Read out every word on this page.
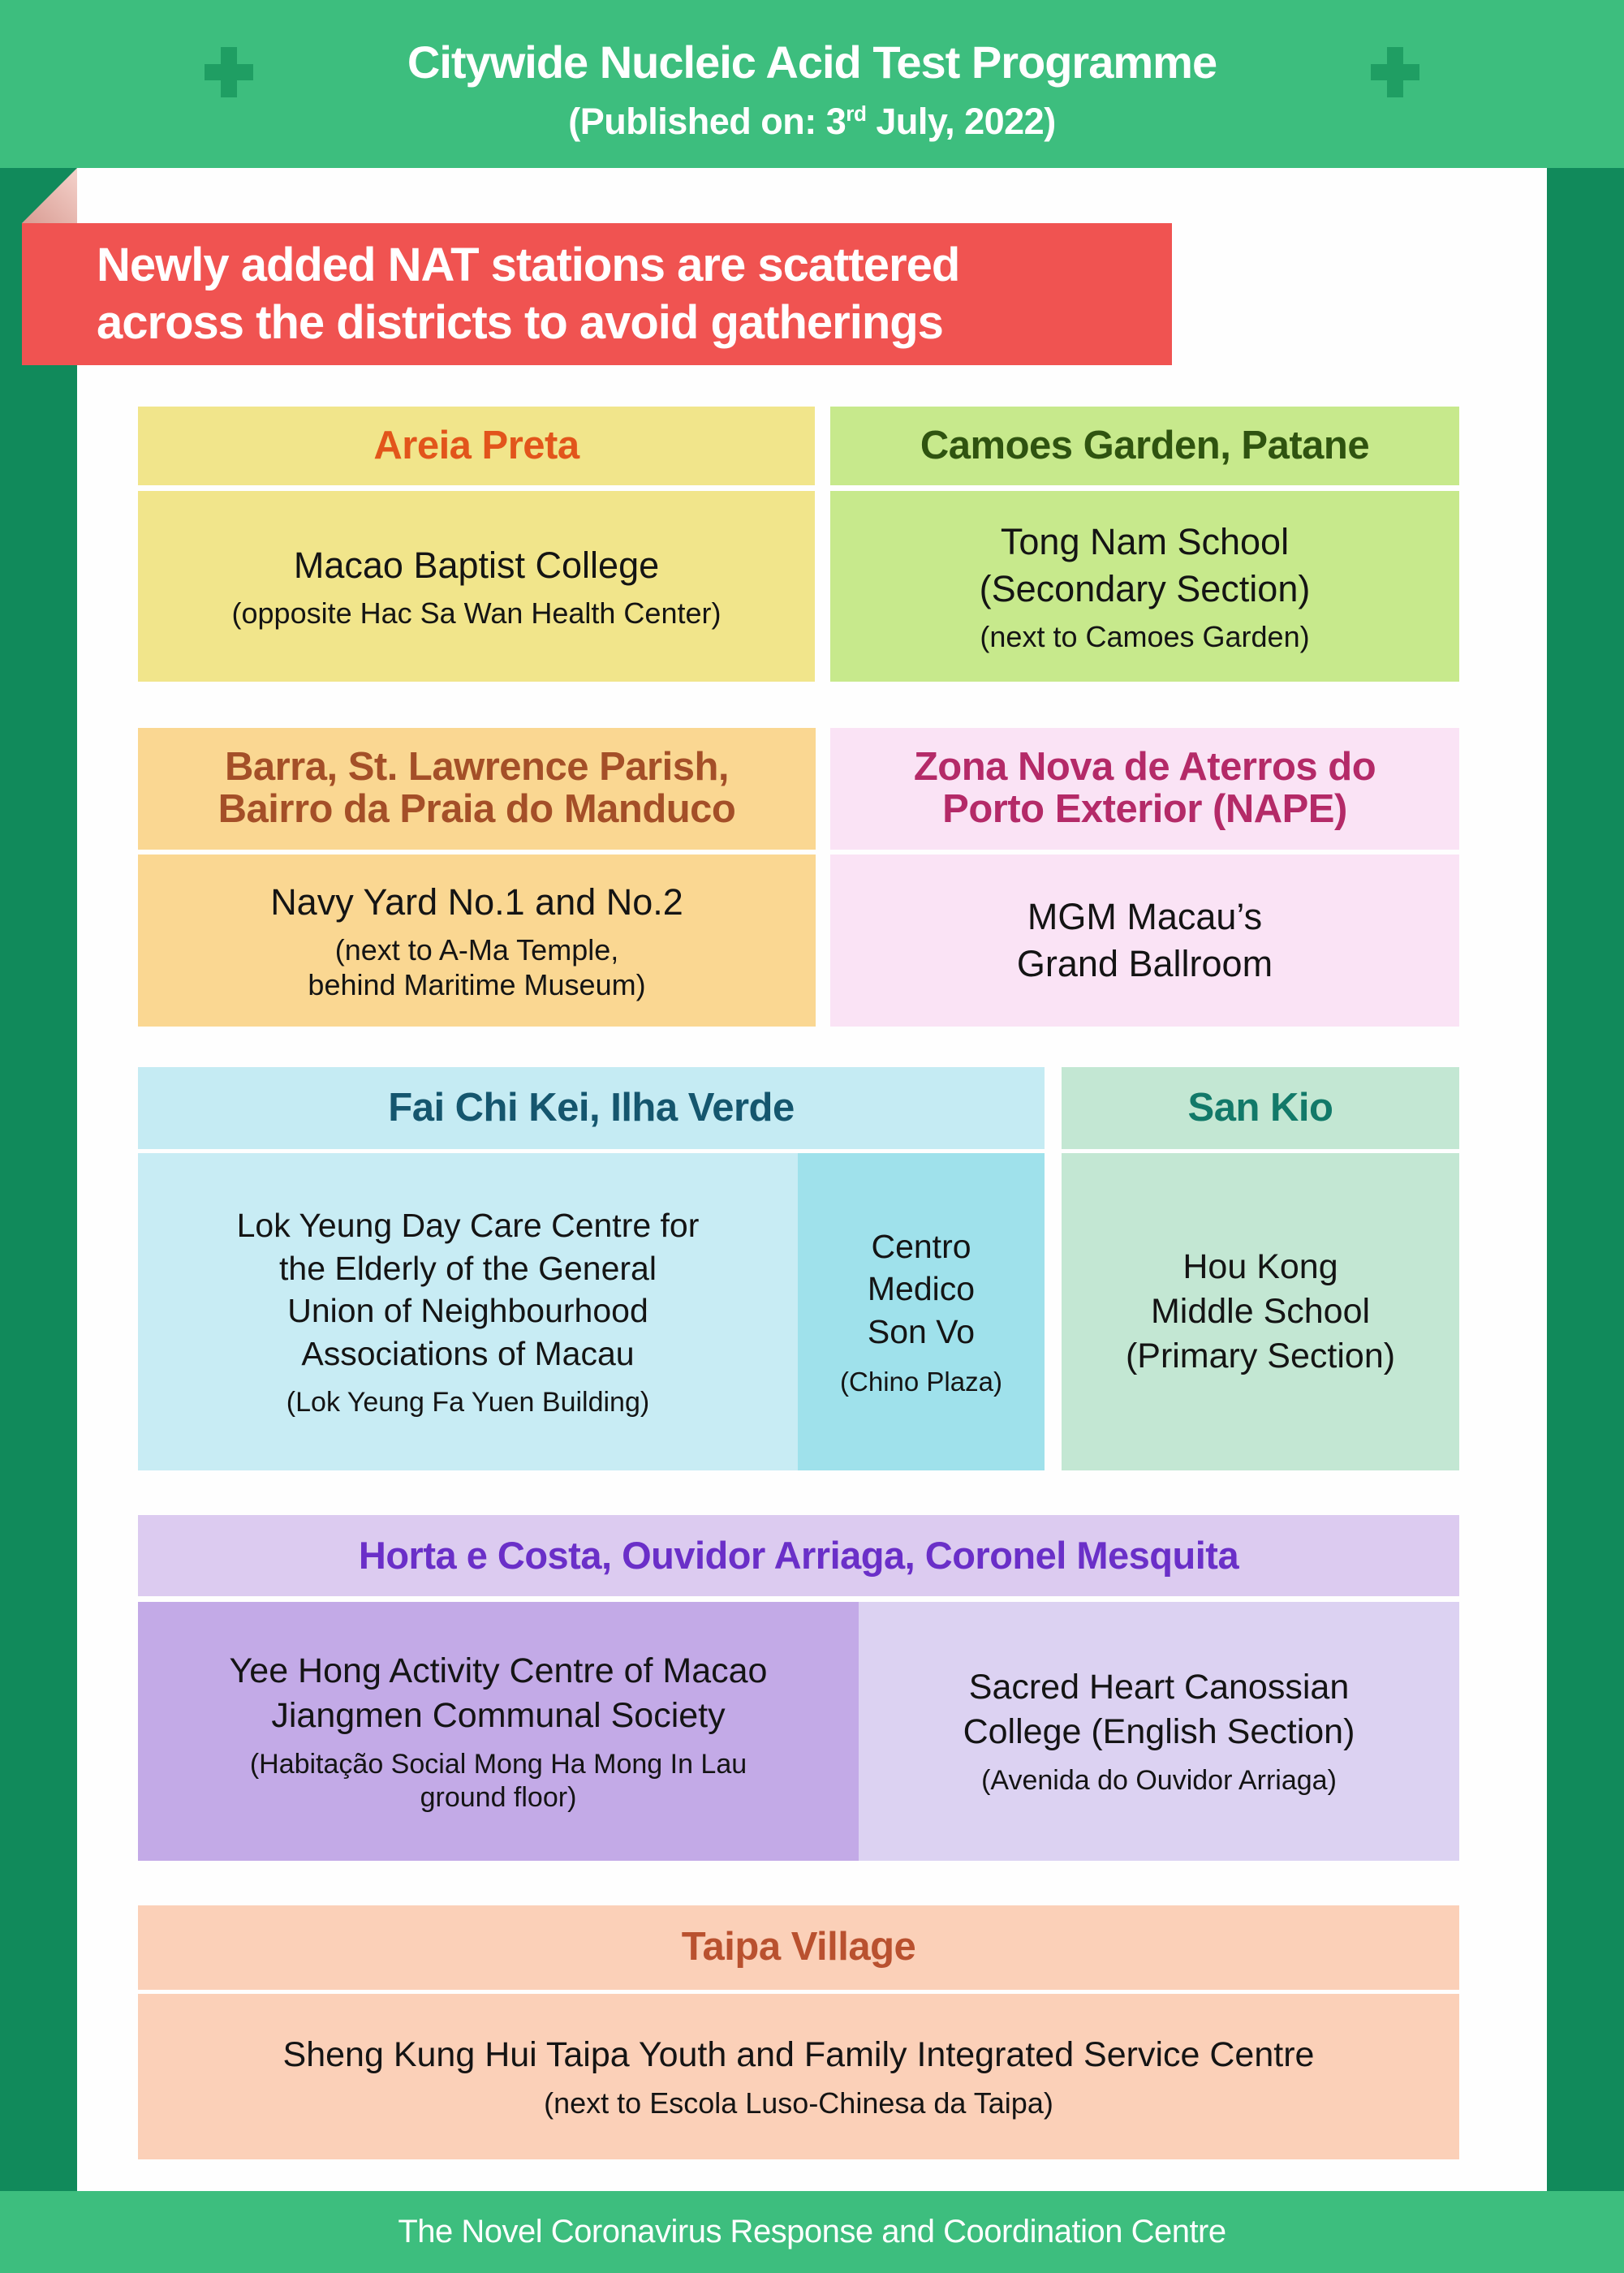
Citywide Nucleic Acid Test Programme
(Published on: 3rd July, 2022)
Newly added NAT stations are scattered
across the districts to avoid gatherings
Areia Preta
Macao Baptist College
(opposite Hac Sa Wan Health Center)
Camoes Garden, Patane
Tong Nam School
(Secondary Section)
(next to Camoes Garden)
Barra, St. Lawrence Parish,
Bairro da Praia do Manduco
Navy Yard No.1 and No.2
(next to A-Ma Temple,
behind Maritime Museum)
Zona Nova de Aterros do
Porto Exterior (NAPE)
MGM Macau’s
Grand Ballroom
Fai Chi Kei, Ilha Verde
Lok Yeung Day Care Centre for
the Elderly of the General
Union of Neighbourhood
Associations of Macau
(Lok Yeung Fa Yuen Building)
Centro
Medico
Son Vo
(Chino Plaza)
San Kio
Hou Kong
Middle School
(Primary Section)
Horta e Costa, Ouvidor Arriaga, Coronel Mesquita
Yee Hong Activity Centre of Macao
Jiangmen Communal Society
(Habitação Social Mong Ha Mong In Lau
ground floor)
Sacred Heart Canossian
College (English Section)
(Avenida do Ouvidor Arriaga)
Taipa Village
Sheng Kung Hui Taipa Youth and Family Integrated Service Centre
(next to Escola Luso-Chinesa da Taipa)
The Novel Coronavirus Response and Coordination Centre
